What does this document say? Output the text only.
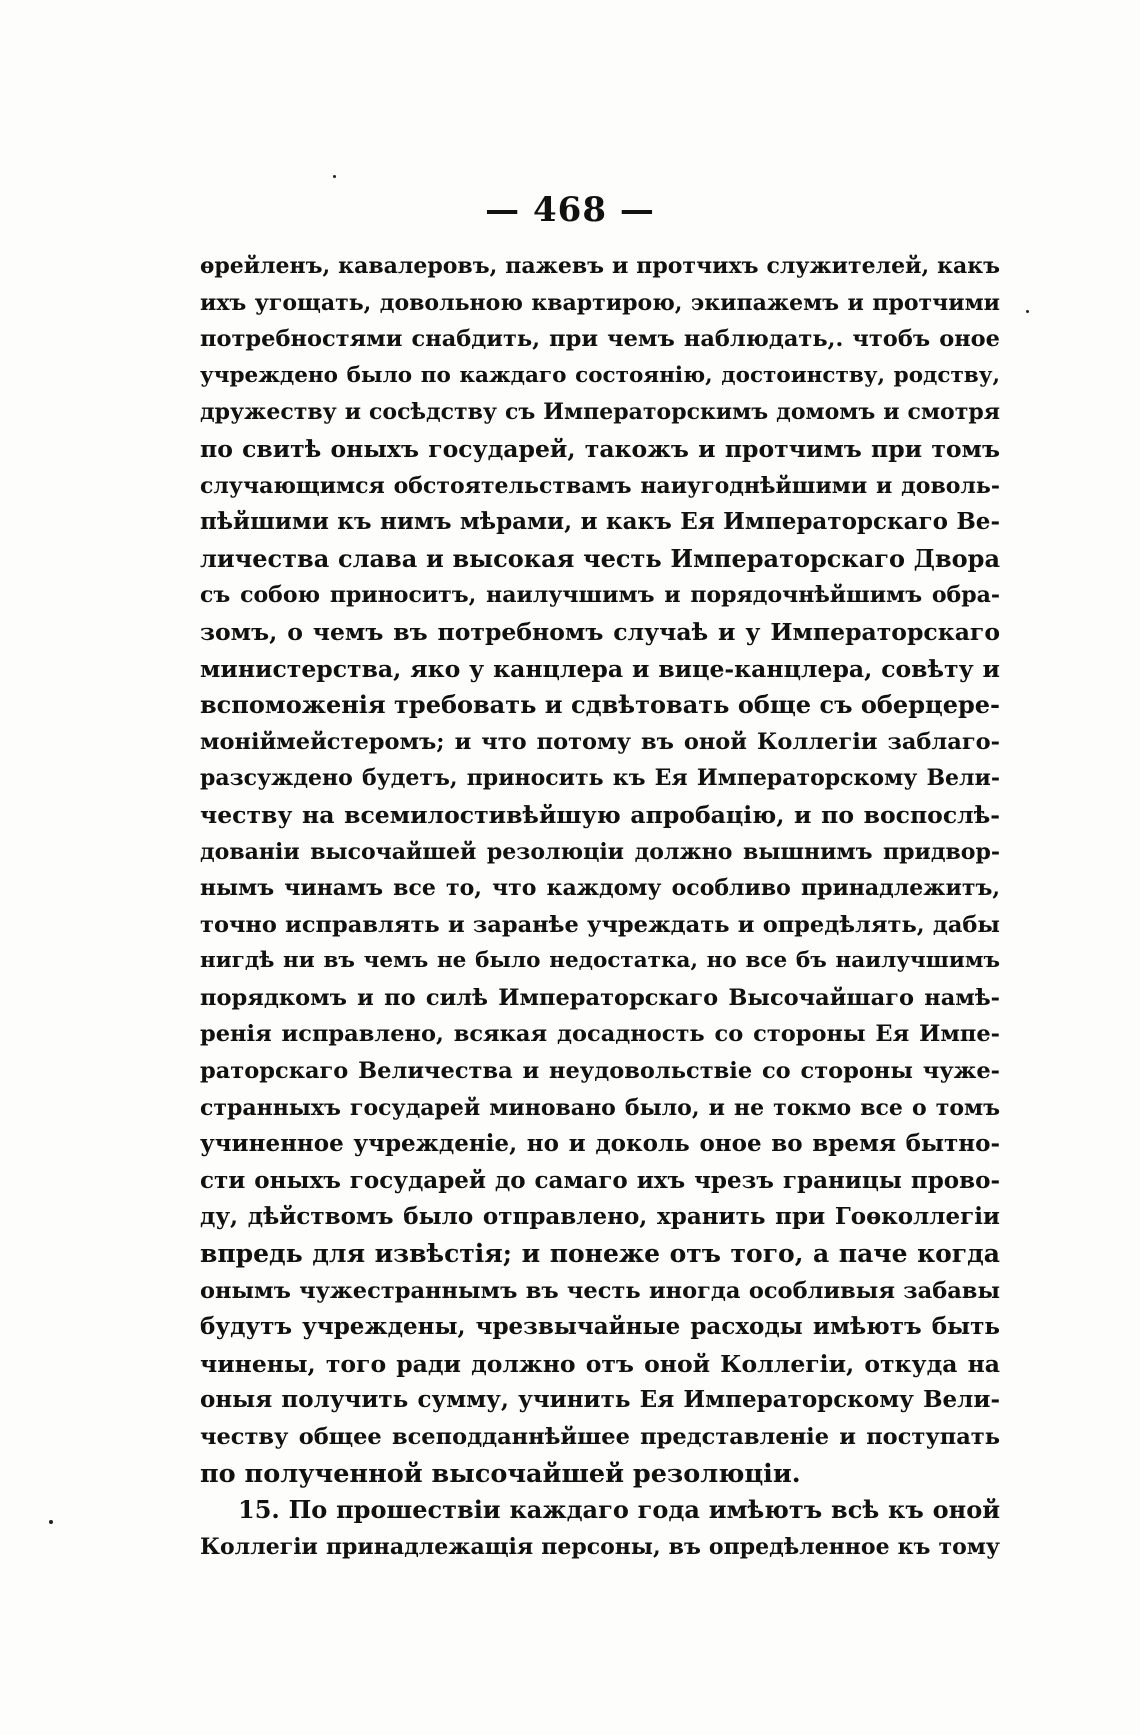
— 468 —
ѳрейленъ, кавалеровъ, пажевъ и протчихъ служителей, какъ
ихъ угощать, довольною квартирою, экипажемъ и протчими
потребностями снабдить, при чемъ наблюдать,. чтобъ оное
учреждено было по каждаго состоянію, достоинству, родству,
дружеству и сосѣдству съ Императорскимъ домомъ и смотря
по свитѣ оныхъ государей, такожъ и протчимъ при томъ
случающимся обстоятельствамъ наиугоднѣйшими и доволь-
пѣйшими къ нимъ мѣрами, и какъ Ея Императорскаго Ве-
личества слава и высокая честь Императорскаго Двора
съ собою приноситъ, наилучшимъ и порядочнѣйшимъ обра-
зомъ, о чемъ въ потребномъ случаѣ и у Императорскаго
министерства, яко у канцлера и вице-канцлера, совѣту и
вспоможенія требовать и сдвѣтовать обще съ оберцере-
моніймейстеромъ; и что потому въ оной Коллегіи заблаго-
разсуждено будетъ, приносить къ Ея Императорскому Вели-
честву на всемилостивѣйшую апробацію, и по воспослѣ-
дованіи высочайшей резолюціи должно вышнимъ придвор-
нымъ чинамъ все то, что каждому особливо принадлежитъ,
точно исправлять и заранѣе учреждать и опредѣлять, дабы
нигдѣ ни въ чемъ не было недостатка, но все бъ наилучшимъ
порядкомъ и по силѣ Императорскаго Высочайшаго намѣ-
ренія исправлено, всякая досадность со стороны Ея Импе-
раторскаго Величества и неудовольствіе со стороны чуже-
странныхъ государей миновано было, и не токмо все о томъ
учиненное учрежденіе, но и доколь оное во время бытно-
сти оныхъ государей до самаго ихъ чрезъ границы прово-
ду, дѣйствомъ было отправлено, хранить при Гоѳколлегіи
впредь для извѣстія; и понеже отъ того, а паче когда
онымъ чужестраннымъ въ честь иногда особливыя забавы
будутъ учреждены, чрезвычайные расходы имѣютъ быть
чинены, того ради должно отъ оной Коллегіи, откуда на
оныя получить сумму, учинить Ея Императорскому Вели-
честву общее всеподданнѣйшее представленіе и поступать
по полученной высочайшей резолюціи.
15. По прошествіи каждаго года имѣютъ всѣ къ оной
Коллегіи принадлежащія персоны, въ опредѣленное къ тому
